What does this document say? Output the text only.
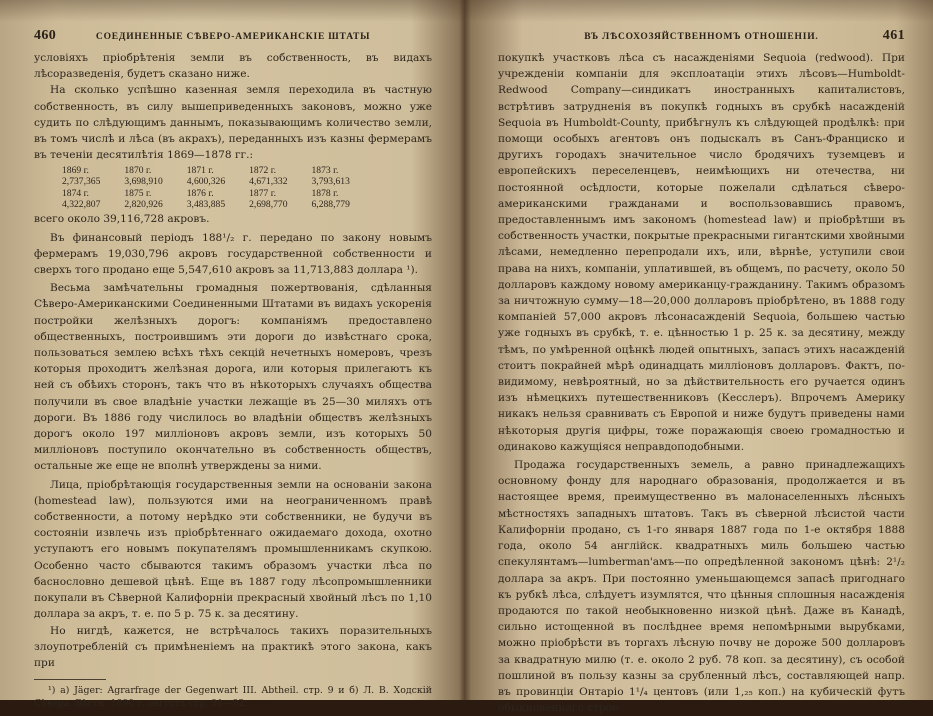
460	СОЕДИНЕННЫЕ СѢВЕРО-АМЕРИКАНСКІЕ ШТАТЫ

условіяхъ пріобрѣтенія земли въ собственность, въ видахъ лѣсоразведенія, будетъ сказано ниже.

На сколько успѣшно казенная земля переходила въ частную собственность, въ силу вышеприведенныхъ законовъ, можно уже судить по слѣдующимъ даннымъ, показывающимъ количество земли, въ томъ числѣ и лѣса (въ акрахъ), переданныхъ изъ казны фермерамъ въ теченіи десятилѣтія 1869—1878 гг.:

1869 г.	1870 г.	1871 г.	1872 г.	1873 г.
2,737,365	3,698,910	4,600,326	4,671,332	3,793,613
1874 г.	1875 г.	1876 г.	1877 г.	1878 г.
4,322,807	2,820,926	3,483,885	2,698,770	6,288,779

всего около 39,116,728 акровъ.

Въ финансовый періодъ 188¹/₂ г. передано по закону новымъ фермерамъ 19,030,796 акровъ государственной собственности и сверхъ того продано еще 5,547,610 акровъ за 11,713,883 доллара ¹).

Весьма замѣчательны громадныя пожертвованія, сдѣланныя Сѣверо-Американскими Соединенными Штатами въ видахъ ускоренія постройки желѣзныхъ дорогъ: компаніямъ предоставлено общественныхъ, построившимъ эти дороги до извѣстнаго срока, пользоваться землею всѣхъ тѣхъ секцій нечетныхъ номеровъ, чрезъ которыя проходитъ желѣзная дорога, или которыя прилегаютъ къ ней съ обѣихъ сторонъ, такъ что въ нѣкоторыхъ случаяхъ общества получили въ свое владѣніе участки лежащіе въ 25—30 миляхъ отъ дороги. Въ 1886 году числилось во владѣніи обществъ желѣзныхъ дорогъ около 197 милліоновъ акровъ земли, изъ которыхъ 50 милліоновъ поступило окончательно въ собственность обществъ, остальные же еще не вполнѣ утверждены за ними.

Лица, пріобрѣтающія государственныя земли на основаніи закона (homestead law), пользуются ими на неограниченномъ правѣ собственности, а потому нерѣдко эти собственники, не будучи въ состояніи извлечь изъ пріобрѣтеннаго ожидаемаго дохода, охотно уступаютъ его новымъ покупателямъ промышленникамъ скупкою. Особенно часто сбываются такимъ образомъ участки лѣса по баснословно дешевой цѣнѣ. Еще въ 1887 году лѣсопромышленники покупали въ Сѣверной Калифорніи прекрасный хвойный лѣсъ по 1,10 доллара за акръ, т. е. по 5 р. 75 к. за десятину.

Но нигдѣ, кажется, не встрѣчалось такихъ поразительныхъ злоупотребленій съ примѣненіемъ на практикѣ этого закона, какъ при

¹) а) Jäger: Agrarfrage der Gegenwart III. Abtheil. стр. 9 и б) Л. В. Ходскій Сѣвера. Вѣстн. 1890 г. августъ стр. 91—92.

ВЪ ЛѢСОХОЗЯЙСТВЕННОМЪ ОТНОШЕНІИ.	461

покупкѣ участковъ лѣса съ насажденіями Sequoia (redwood). При учрежденіи компаніи для эксплоатаціи этихъ лѣсовъ—Humboldt-Redwood Company—синдикатъ иностранныхъ капиталистовъ, встрѣтивъ затрудненія въ покупкѣ годныхъ въ срубкѣ насажденій Sequoia въ Humboldt-County, прибѣгнулъ къ слѣдующей продѣлкѣ: при помощи особыхъ агентовъ онъ подыскалъ въ Санъ-Франциско и другихъ городахъ значительное число бродячихъ туземцевъ и европейскихъ переселенцевъ, неимѣющихъ ни отечества, ни постоянной осѣдлости, которые пожелали сдѣлаться сѣверо-американскими гражданами и воспользовавшись правомъ, предоставленнымъ имъ закономъ (homestead law) и пріобрѣтши въ собственность участки, покрытые прекрасными гигантскими хвойными лѣсами, немедленно перепродали ихъ, или, вѣрнѣе, уступили свои права на нихъ, компаніи, уплатившей, въ общемъ, по расчету, около 50 долларовъ каждому новому американцу-гражданину. Такимъ образомъ за ничтожную сумму—18—20,000 долларовъ пріобрѣтено, въ 1888 году компаніей 57,000 акровъ лѣсонасажденій Sequoia, большею частью уже годныхъ въ срубкѣ, т. е. цѣнностью 1 р. 25 к. за десятину, между тѣмъ, по умѣренной оцѣнкѣ людей опытныхъ, запасъ этихъ насажденій стоитъ покрайней мѣрѣ одинадцать милліоновъ долларовъ. Фактъ, по-видимому, невѣроятный, но за дѣйствительность его ручается одинъ изъ нѣмецкихъ путешественниковъ (Кесслеръ). Впрочемъ Америку никакъ нельзя сравнивать съ Европой и ниже будутъ приведены нами нѣкоторыя другія цифры, тоже поражающія своею громадностью и одинаково кажущіяся неправдоподобными.

Продажа государственныхъ земель, а равно принадлежащихъ основному фонду для народнаго образованія, продолжается и въ настоящее время, преимущественно въ малонаселенныхъ лѣсныхъ мѣстностяхъ западныхъ штатовъ. Такъ въ сѣверной лѣсистой части Калифорніи продано, съ 1-го января 1887 года по 1-е октября 1888 года, около 54 англійск. квадратныхъ миль большею частью спекулянтамъ—lumberman'амъ—по опредѣленной закономъ цѣнѣ: 2¹/₂ доллара за акръ. При постоянно уменьшающемся запасѣ пригоднаго къ рубкѣ лѣса, слѣдуетъ изумлятся, что цѣнныя сплошныя насажденія продаются по такой необыкновенно низкой цѣнѣ. Даже въ Канадѣ, сильно истощенной въ послѣднее время непомѣрными вырубками, можно пріобрѣсти въ торгахъ лѣсную почву не дороже 500 долларовъ за квадратную милю (т. е. около 2 руб. 78 коп. за десятину), съ особой пошлиной въ пользу казны за срубленный лѣсъ, составляющей напр. въ провинціи Онтаріо 1¹/₄ центовъ (или 1,₂₅ коп.) на кубическій футъ обыкновеннаго строе-
